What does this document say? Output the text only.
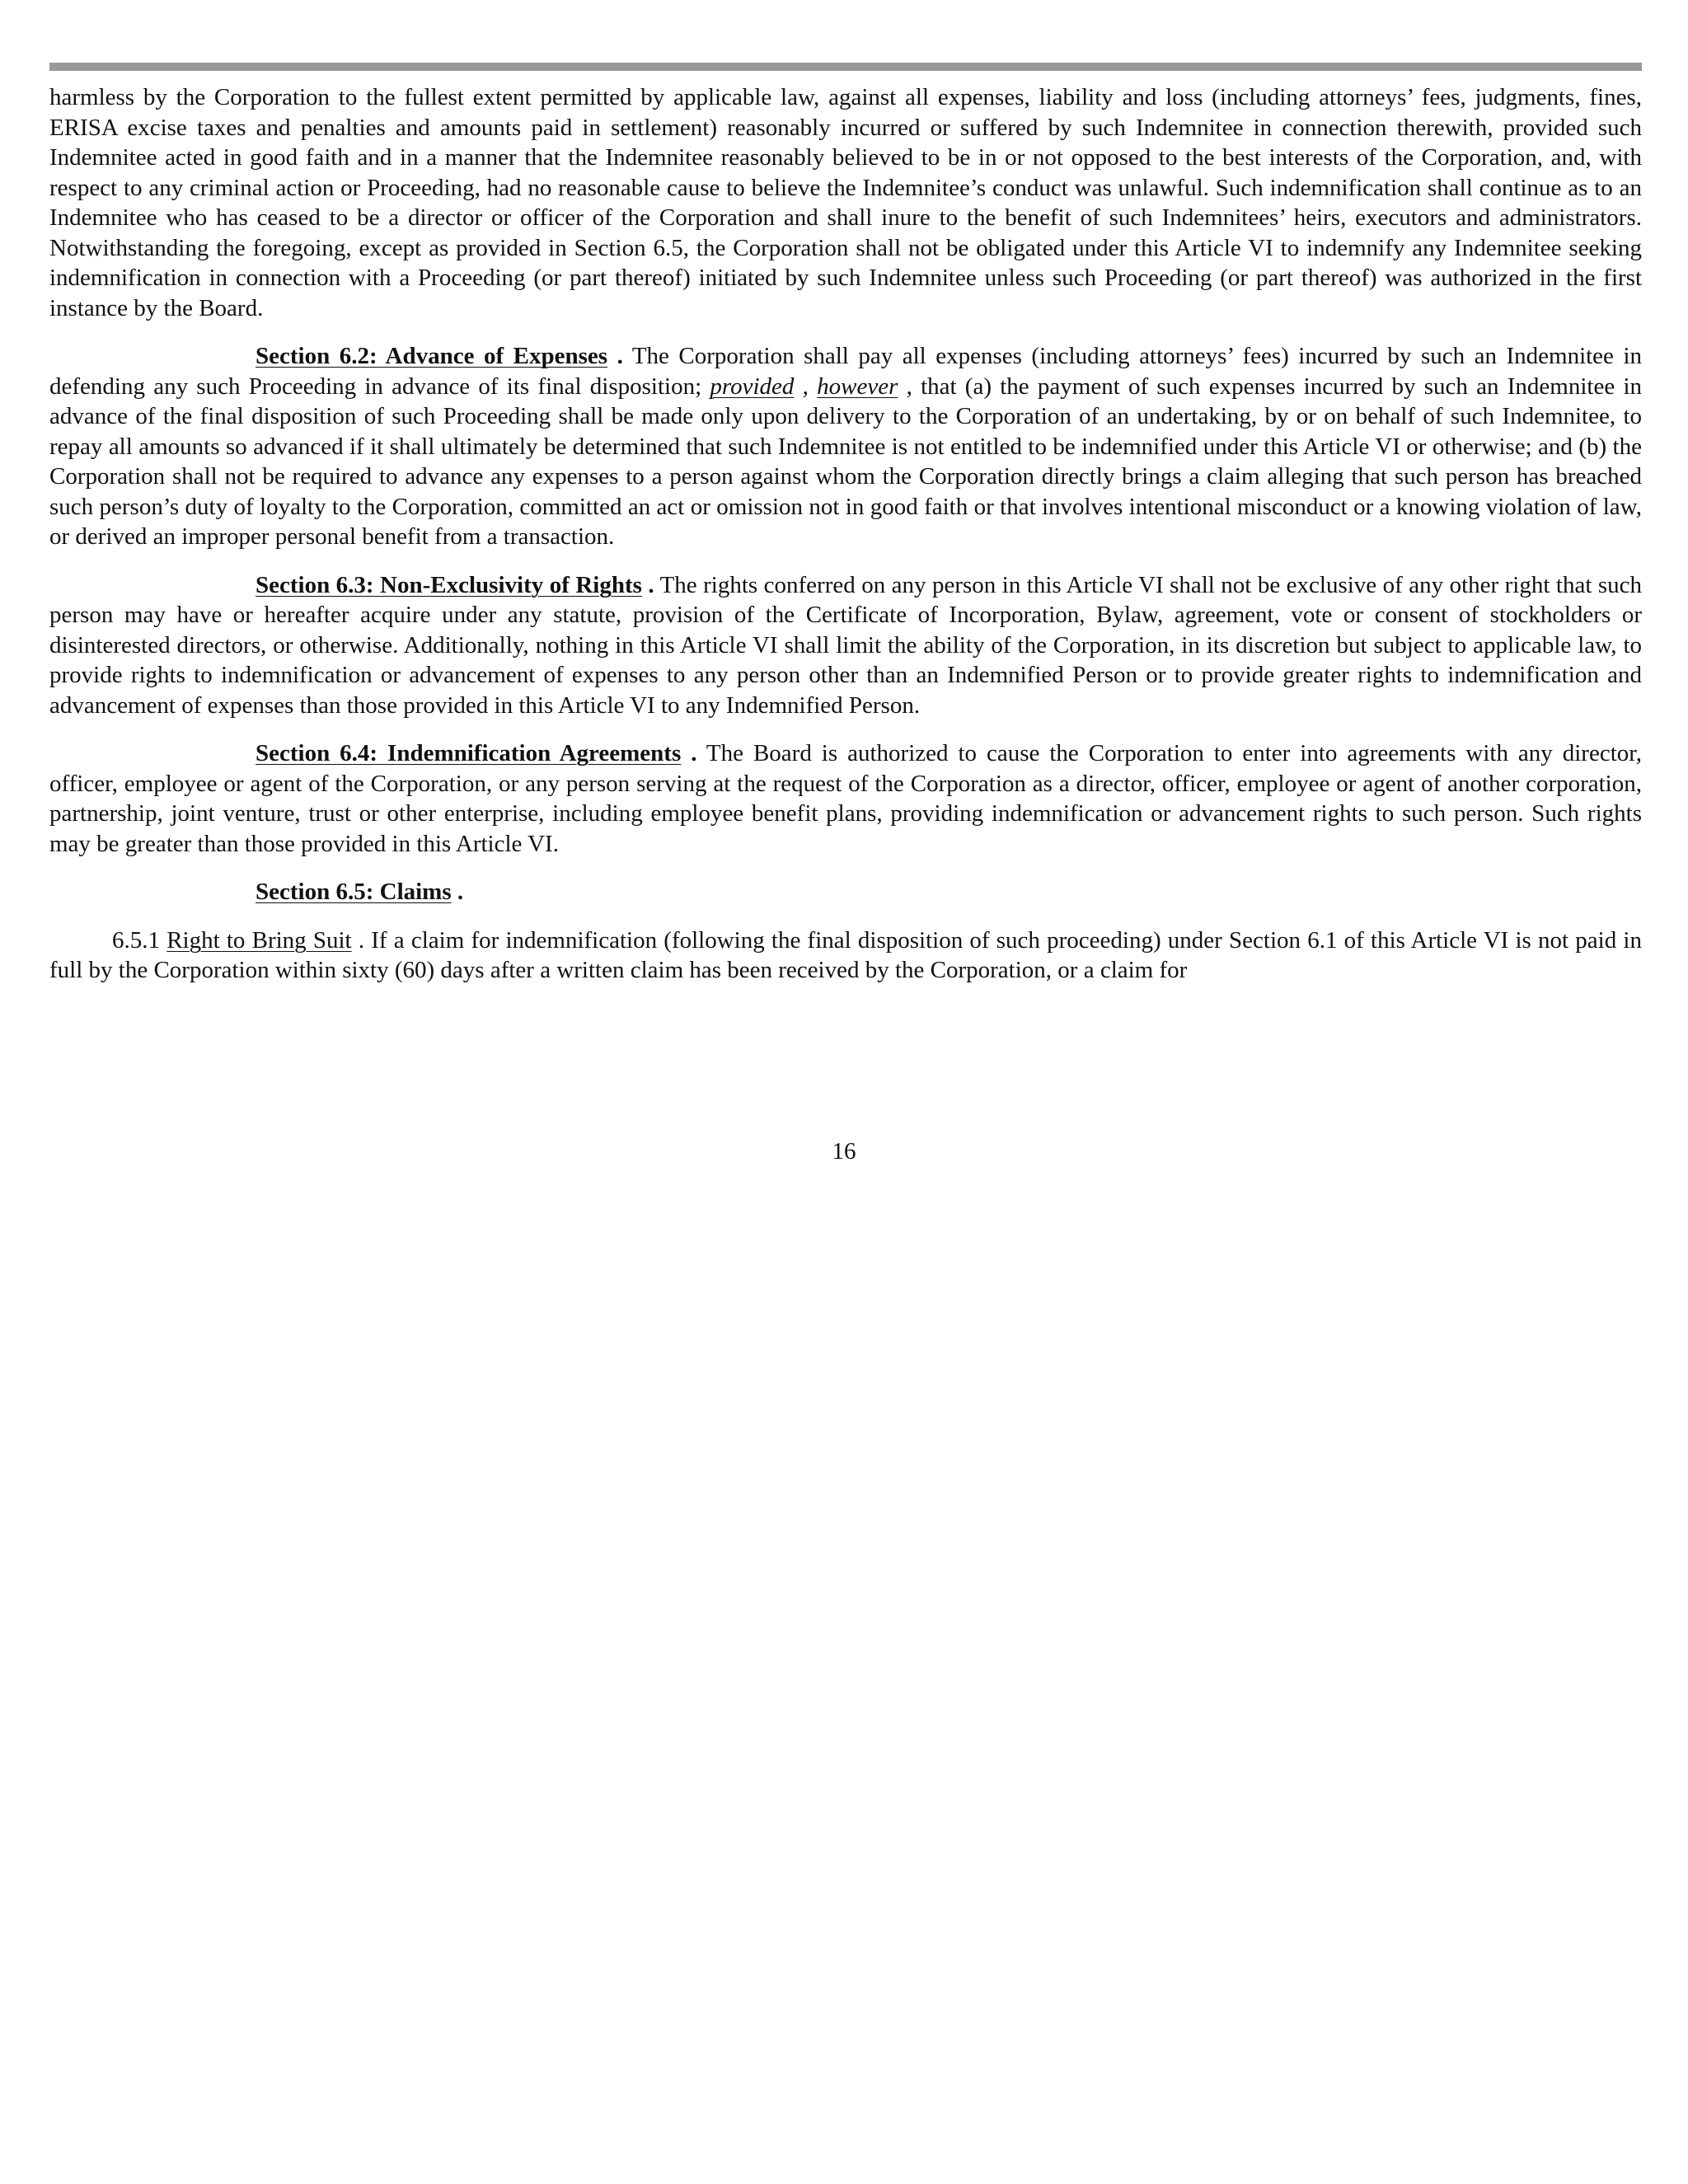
harmless by the Corporation to the fullest extent permitted by applicable law, against all expenses, liability and loss (including attorneys’ fees, judgments, fines, ERISA excise taxes and penalties and amounts paid in settlement) reasonably incurred or suffered by such Indemnitee in connection therewith, provided such Indemnitee acted in good faith and in a manner that the Indemnitee reasonably believed to be in or not opposed to the best interests of the Corporation, and, with respect to any criminal action or Proceeding, had no reasonable cause to believe the Indemnitee’s conduct was unlawful. Such indemnification shall continue as to an Indemnitee who has ceased to be a director or officer of the Corporation and shall inure to the benefit of such Indemnitees’ heirs, executors and administrators. Notwithstanding the foregoing, except as provided in Section 6.5, the Corporation shall not be obligated under this Article VI to indemnify any Indemnitee seeking indemnification in connection with a Proceeding (or part thereof) initiated by such Indemnitee unless such Proceeding (or part thereof) was authorized in the first instance by the Board.

Section 6.2: Advance of Expenses . The Corporation shall pay all expenses (including attorneys’ fees) incurred by such an Indemnitee in defending any such Proceeding in advance of its final disposition; provided , however , that (a) the payment of such expenses incurred by such an Indemnitee in advance of the final disposition of such Proceeding shall be made only upon delivery to the Corporation of an undertaking, by or on behalf of such Indemnitee, to repay all amounts so advanced if it shall ultimately be determined that such Indemnitee is not entitled to be indemnified under this Article VI or otherwise; and (b) the Corporation shall not be required to advance any expenses to a person against whom the Corporation directly brings a claim alleging that such person has breached such person’s duty of loyalty to the Corporation, committed an act or omission not in good faith or that involves intentional misconduct or a knowing violation of law, or derived an improper personal benefit from a transaction.

Section 6.3: Non-Exclusivity of Rights . The rights conferred on any person in this Article VI shall not be exclusive of any other right that such person may have or hereafter acquire under any statute, provision of the Certificate of Incorporation, Bylaw, agreement, vote or consent of stockholders or disinterested directors, or otherwise. Additionally, nothing in this Article VI shall limit the ability of the Corporation, in its discretion but subject to applicable law, to provide rights to indemnification or advancement of expenses to any person other than an Indemnified Person or to provide greater rights to indemnification and advancement of expenses than those provided in this Article VI to any Indemnified Person.

Section 6.4: Indemnification Agreements . The Board is authorized to cause the Corporation to enter into agreements with any director, officer, employee or agent of the Corporation, or any person serving at the request of the Corporation as a director, officer, employee or agent of another corporation, partnership, joint venture, trust or other enterprise, including employee benefit plans, providing indemnification or advancement rights to such person. Such rights may be greater than those provided in this Article VI.

Section 6.5: Claims .

6.5.1 Right to Bring Suit . If a claim for indemnification (following the final disposition of such proceeding) under Section 6.1 of this Article VI is not paid in full by the Corporation within sixty (60) days after a written claim has been received by the Corporation, or a claim for

16
